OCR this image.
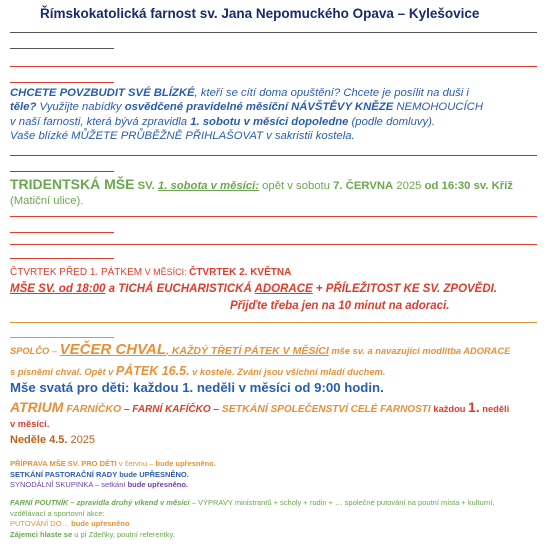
Římskokatolická farnost sv. Jana Nepomuckého Opava – Kylešovice
CHCETE POVZBUDIT SVÉ BLÍZKÉ, kteří se cítí doma opuštění? Chcete je posílit na duši i
těle? Využijte nabídky osvědčené pravidelné měsíční NÁVŠTĚVY KNĚZE NEMOHOUCÍCH
v naší farnosti, která bývá zpravidla 1. sobotu v měsíci dopoledne (podle domluvy).
Vaše blízké MŮŽETE PRŮBĚŽNĚ PŘIHLAŠOVAT v sakristii kostela.
TRIDENTSKÁ MŠE SV. 1. sobota v měsíci: opět v sobotu 7. ČERVNA 2025 od 16:30 sv. Kříž
(Matiční ulice).
ČTVRTEK PŘED 1. PÁTKEM V MĚSÍCI: ČTVRTEK 2. KVĚTNA
MŠE SV. od 18:00 a TICHÁ EUCHARISTICKÁ ADORACE + PŘÍLEŽITOST KE SV. ZPOVĚDI.
Přijďte třeba jen na 10 minut na adoraci.
SPOLČO – VEČER CHVAL, KAŽDÝ TŘETÍ PÁTEK V MĚSÍCI mše sv. a navazující modlitba ADORACE
s písněmi chval. Opět v PÁTEK 16.5. v kostele. Zvání jsou všichni mladí duchem.
Mše svatá pro děti: každou 1. neděli v měsíci od 9:00 hodin.
ATRIUM FARNÍČKO – FARNÍ KAFÍČKO – SETKÁNÍ SPOLEČENSTVÍ CELÉ FARNOSTI každou 1. neděli
v měsíci.
Neděle 4.5. 2025
PŘÍPRAVA MŠE SV. PRO DĚTI v červnu – bude upřesněno.
SETKÁNÍ PASTORAČNÍ RADY bude UPŘESNĚNO.
SYNODÁLNÍ SKUPINKA – setkání bude upřesněno.
FARNÍ POUTNÍK – zpravidla druhý víkend v měsíci – VÝPRAVY ministrantů + scholy + rodin + … společné putování na poutní místa + kulturní,
vzdělávací a sportovní akce:
PUTOVÁNÍ DO… bude upřesněno
Zájemci hlaste se u pí Zdeňky, poutní referentky.
